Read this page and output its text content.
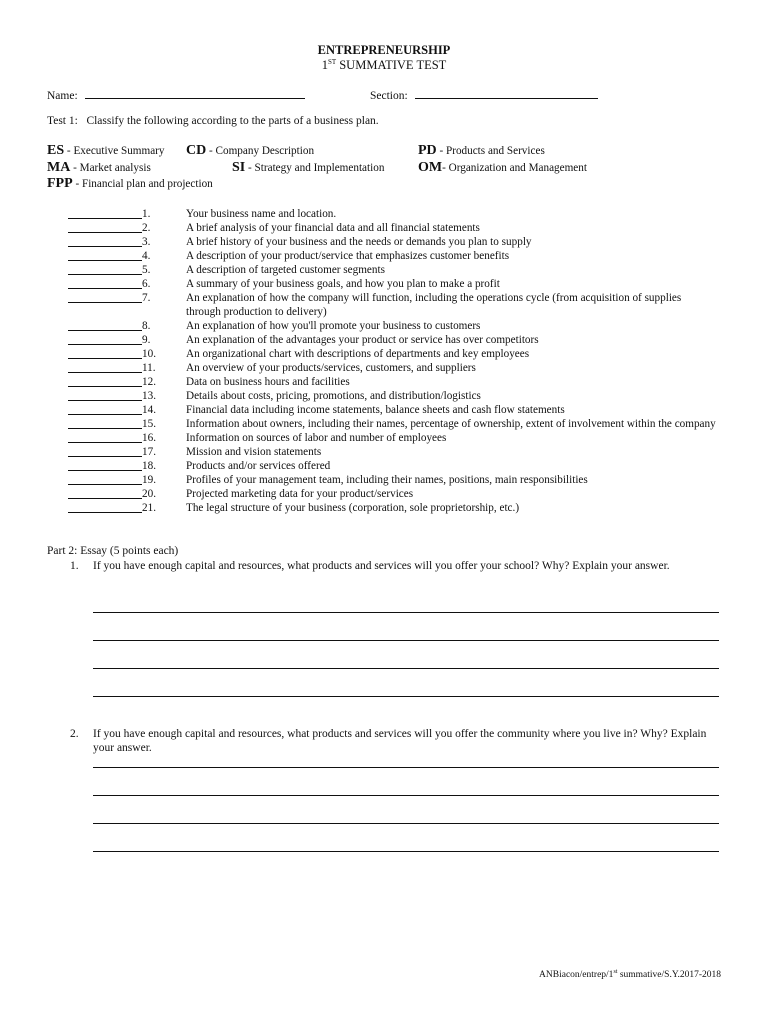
ENTREPRENEURSHIP
1ST SUMMATIVE TEST
Name:	Section:
Test 1:   Classify the following according to the parts of a business plan.
ES - Executive Summary CD - Company Description	PD - Products and Services
MA - Market analysis	SI - Strategy and Implementation OM- Organization and Management
FPP - Financial plan and projection
1.	Your business name and location.
2.	A brief analysis of your financial data and all financial statements
3.	A brief history of your business and the needs or demands you plan to supply
4.	A description of your product/service that emphasizes customer benefits
5.	A description of targeted customer segments
6.	A summary of your business goals, and how you plan to make a profit
7.	An explanation of how the company will function, including the operations cycle (from acquisition of supplies through production to delivery)
8.	An explanation of how you'll promote your business to customers
9.	An explanation of the advantages your product or service has over competitors
10.	An organizational chart with descriptions of departments and key employees
11.	An overview of your products/services, customers, and suppliers
12.	Data on business hours and facilities
13.	Details about costs, pricing, promotions, and distribution/logistics
14.	Financial data including income statements, balance sheets and cash flow statements
15.	Information about owners, including their names, percentage of ownership, extent of involvement within the company
16.	Information on sources of labor and number of employees
17.	Mission and vision statements
18.	Products and/or services offered
19.	Profiles of your management team, including their names, positions, main responsibilities
20.	Projected marketing data for your product/services
21.	The legal structure of your business (corporation, sole proprietorship, etc.)
Part 2: Essay (5 points each)
1.	If you have enough capital and resources, what products and services will you offer your school? Why? Explain your answer.
2.	If you have enough capital and resources, what products and services will you offer the community where you live in? Why? Explain your answer.
ANBiacon/entrep/1st summative/S.Y.2017-2018
